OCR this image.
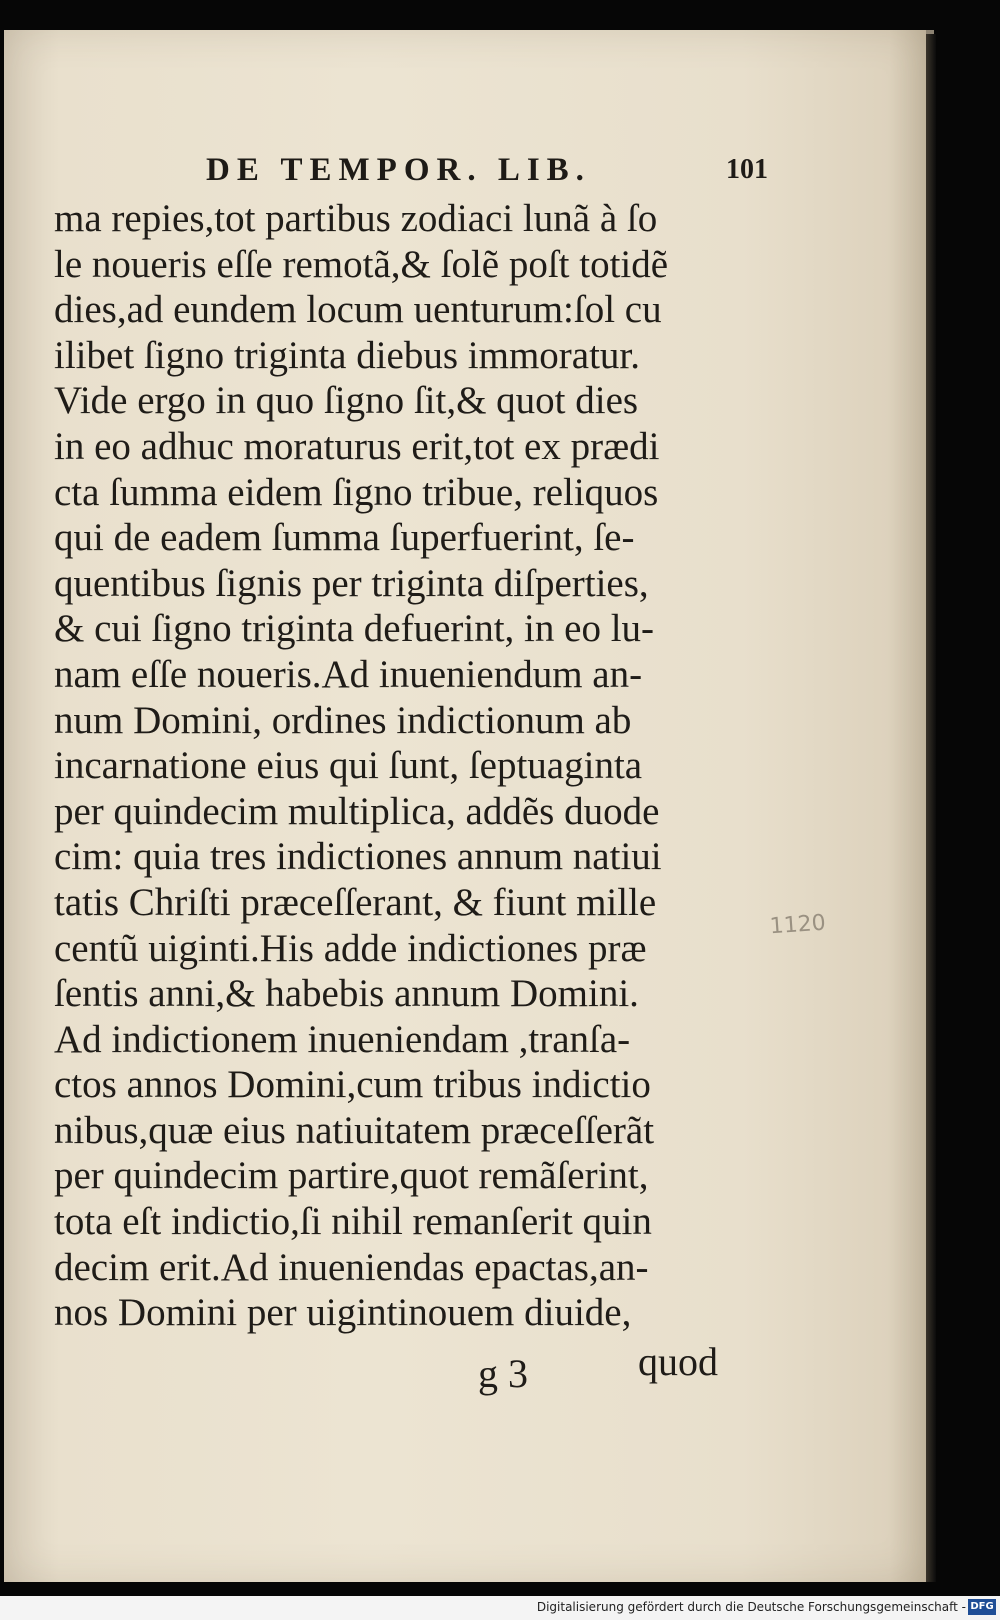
DE TEMPOR. LIB.	101
ma repies,tot partibus zodiaci lunã à ſo
le noueris eſſe remotã,& ſolẽ poſt totidẽ
dies,ad eundem locum uenturum:ſol cu
ilibet ſigno triginta diebus immoratur.
Vide ergo in quo ſigno ſit,& quot dies
in eo adhuc moraturus erit,tot ex prædi
cta ſumma eidem ſigno tribue, reliquos
qui de eadem ſumma ſuperfuerint, ſe-
quentibus ſignis per triginta diſperties,
& cui ſigno triginta defuerint, in eo lu-
nam eſſe noueris.Ad inueniendum an-
num Domini, ordines indictionum ab
incarnatione eius qui ſunt, ſeptuaginta
per quindecim multiplica, addẽs duode
cim: quia tres indictiones annum natiui
tatis Chriſti præceſſerant, & fiunt mille
centũ uiginti.His adde indictiones præ
ſentis anni,& habebis annum Domini.
Ad indictionem inueniendam ,tranſa-
ctos annos Domini,cum tribus indictio
nibus,quæ eius natiuitatem præceſſerãt
per quindecim partire,quot remãſerint,
tota eſt indictio,ſi nihil remanſerit quin
decim erit.Ad inueniendas epactas,an-
nos Domini per uigintinouem diuide,
1120
g 3	quod
Digitalisierung gefördert durch die Deutsche Forschungsgemeinschaft - DFG
